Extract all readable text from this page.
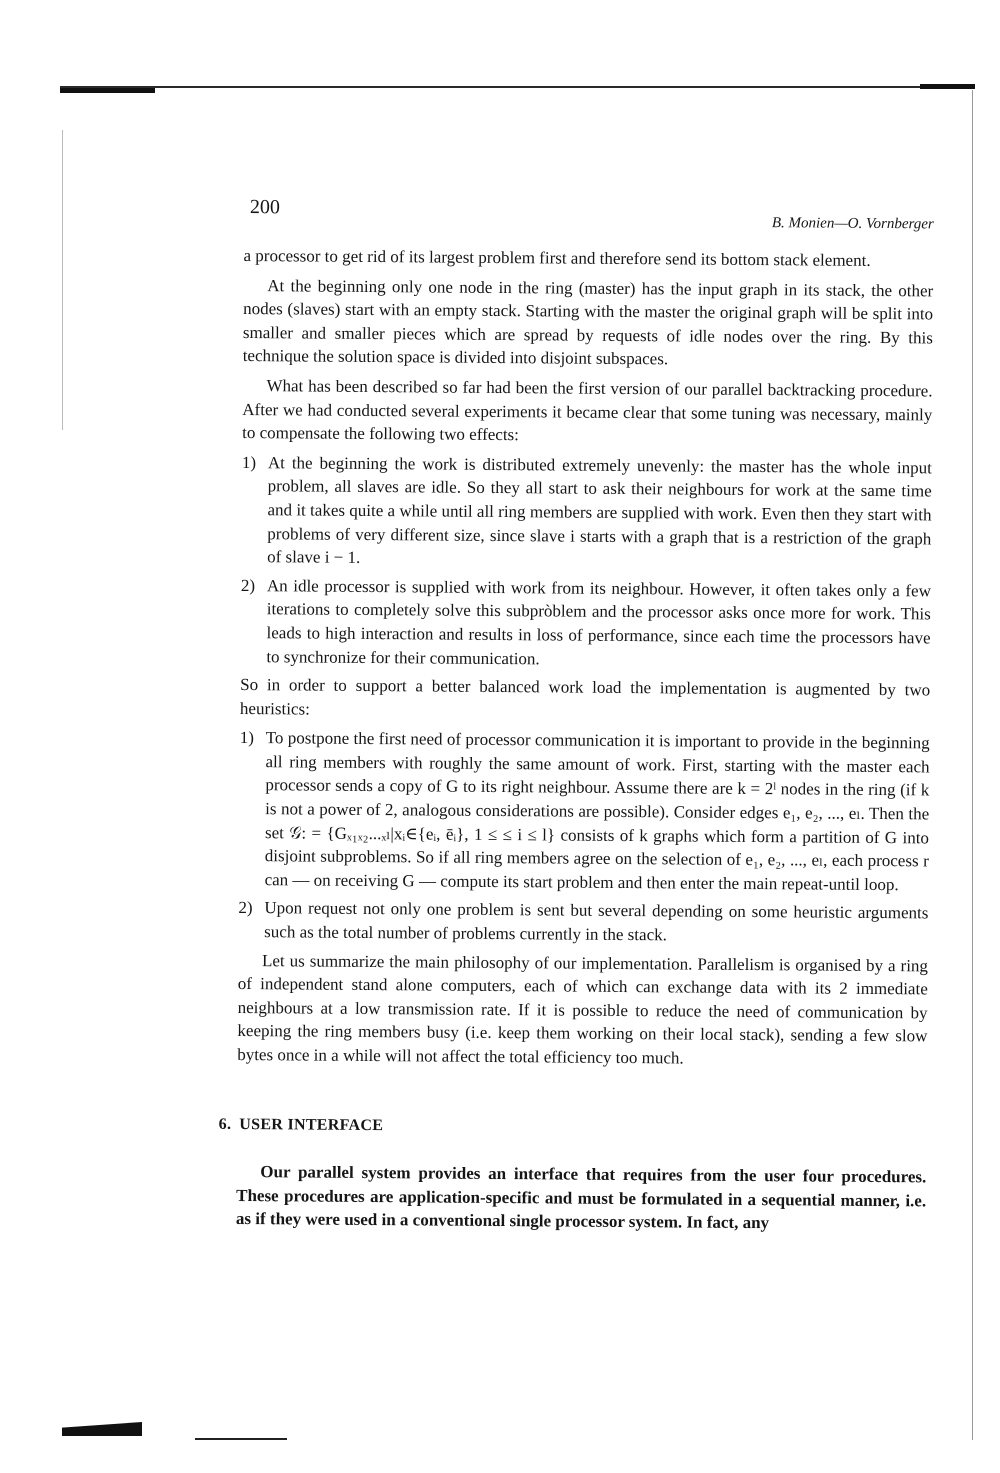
200
B. Monien—O. Vornberger

a processor to get rid of its largest problem first and therefore send its bottom stack element.

At the beginning only one node in the ring (master) has the input graph in its stack, the other nodes (slaves) start with an empty stack. Starting with the master the original graph will be split into smaller and smaller pieces which are spread by requests of idle nodes over the ring. By this technique the solution space is divided into disjoint subspaces.

What has been described so far had been the first version of our parallel backtracking procedure. After we had conducted several experiments it became clear that some tuning was necessary, mainly to compensate the following two effects:

1) At the beginning the work is distributed extremely unevenly: the master has the whole input problem, all slaves are idle. So they all start to ask their neighbours for work at the same time and it takes quite a while until all ring members are supplied with work. Even then they start with problems of very different size, since slave i starts with a graph that is a restriction of the graph of slave i − 1.
2) An idle processor is supplied with work from its neighbour. However, it often takes only a few iterations to completely solve this subpròblem and the processor asks once more for work. This leads to high interaction and results in loss of performance, since each time the processors have to synchronize for their communication.

So in order to support a better balanced work load the implementation is augmented by two heuristics:

1) To postpone the first need of processor communication it is important to provide in the beginning all ring members with roughly the same amount of work. First, starting with the master each processor sends a copy of G to its right neighbour. Assume there are k = 2ˡ nodes in the ring (if k is not a power of 2, analogous considerations are possible). Consider edges e₁, e₂, ..., eₗ. Then the set 𝒢: = {Gₓ₁ₓ₂...ₓₗ|xᵢ∈{eᵢ, ēᵢ}, 1 ≤ ≤ i ≤ l} consists of k graphs which form a partition of G into disjoint subproblems. So if all ring members agree on the selection of e₁, e₂, ..., eₗ, each process r can — on receiving G — compute its start problem and then enter the main repeat-until loop.
2) Upon request not only one problem is sent but several depending on some heuristic arguments such as the total number of problems currently in the stack.

Let us summarize the main philosophy of our implementation. Parallelism is organised by a ring of independent stand alone computers, each of which can exchange data with its 2 immediate neighbours at a low transmission rate. If it is possible to reduce the need of communication by keeping the ring members busy (i.e. keep them working on their local stack), sending a few slow bytes once in a while will not affect the total efficiency too much.

6. USER INTERFACE

Our parallel system provides an interface that requires from the user four procedures. These procedures are application-specific and must be formulated in a sequential manner, i.e. as if they were used in a conventional single processor system. In fact, any
